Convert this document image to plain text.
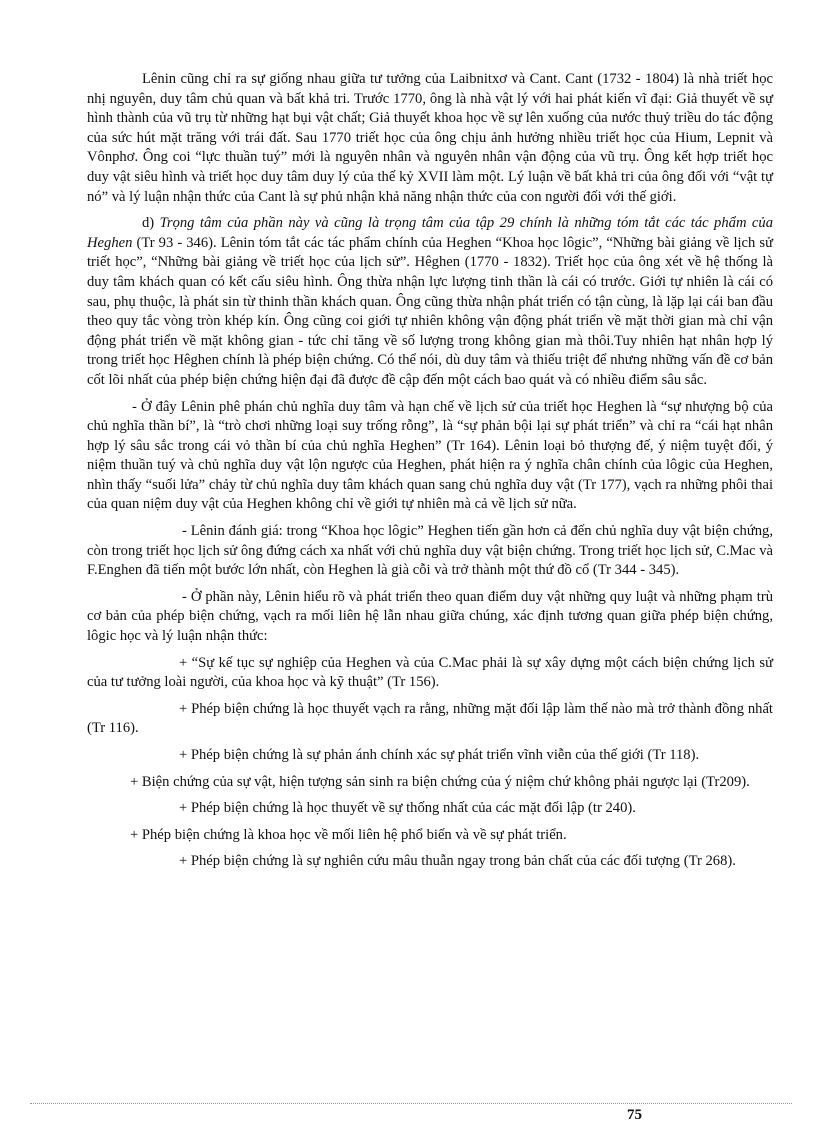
Lênin cũng chỉ ra sự giống nhau giữa tư tưởng của Laibnitxơ và Cant. Cant (1732 - 1804) là nhà triết học nhị nguyên, duy tâm chủ quan và bất khả tri. Trước 1770, ông là nhà vật lý với hai phát kiến vĩ đại: Giả thuyết về sự hình thành của vũ trụ từ những hạt bụi vật chất; Giả thuyết khoa học về sự lên xuống của nước thuỷ triều do tác động của sức hút mặt trăng với trái đất. Sau 1770 triết học của ông chịu ảnh hưởng nhiều triết học của Hium, Lepnit và Vônphơ. Ông coi “lực thuần tuý” mới là nguyên nhân và nguyên nhân vận động của vũ trụ. Ông kết hợp triết học duy vật siêu hình và triết học duy tâm duy lý của thế kỷ XVII làm một. Lý luận về bất khả tri của ông đối với “vật tự nó” và lý luận nhận thức của Cant là sự phủ nhận khả năng nhận thức của con người đối với thế giới.

d) Trọng tâm của phần này và cũng là trọng tâm của tập 29 chính là những tóm tắt các tác phẩm của Heghen (Tr 93 - 346). Lênin tóm tắt các tác phẩm chính của Heghen “Khoa học lôgic”, “Những bài giảng về lịch sử triết học”, “Những bài giảng về triết học của lịch sử”. Hêghen (1770 - 1832). Triết học của ông xét về hệ thống là duy tâm khách quan có kết cấu siêu hình. Ông thừa nhận lực lượng tinh thần là cái có trước. Giới tự nhiên là cái có sau, phụ thuộc, là phát sin từ thinh thần khách quan. Ông cũng thừa nhận phát triển có tận cùng, là lặp lại cái ban đầu theo quy tắc vòng tròn khép kín. Ông cũng coi giới tự nhiên không vận động phát triển về mặt thời gian mà chỉ vận động phát triển về mặt không gian - tức chỉ tăng về số lượng trong không gian mà thôi.Tuy nhiên hạt nhân hợp lý trong triết học Hêghen chính là phép biện chứng. Có thể nói, dù duy tâm và thiếu triệt để nhưng những vấn đề cơ bản cốt lõi nhất của phép biện chứng hiện đại đã được đề cập đến một cách bao quát và có nhiều điểm sâu sắc.

- Ở đây Lênin phê phán chủ nghĩa duy tâm và hạn chế về lịch sử của triết học Heghen là “sự nhượng bộ của chủ nghĩa thần bí”, là “trò chơi những loại suy trống rỗng”, là “sự phản bội lại sự phát triển” và chỉ ra “cái hạt nhân hợp lý sâu sắc trong cái vỏ thần bí của chủ nghĩa Heghen” (Tr 164). Lênin loại bỏ thượng đế, ý niệm tuyệt đối, ý niệm thuần tuý và chủ nghĩa duy vật lộn ngược của Heghen, phát hiện ra ý nghĩa chân chính của lôgic của Heghen, nhìn thấy “suối lửa” chảy từ chủ nghĩa duy tâm khách quan sang chủ nghĩa duy vật (Tr 177), vạch ra những phôi thai của quan niệm duy vật của Heghen không chỉ về giới tự nhiên mà cả về lịch sử nữa.

- Lênin đánh giá: trong “Khoa học lôgic” Heghen tiến gần hơn cả đến chủ nghĩa duy vật biện chứng, còn trong triết học lịch sử ông đứng cách xa nhất với chủ nghĩa duy vật biện chứng. Trong triết học lịch sử, C.Mac và F.Enghen đã tiến một bước lớn nhất, còn Heghen là già cỗi và trở thành một thứ đồ cổ (Tr 344 - 345).

- Ở phần này, Lênin hiểu rõ và phát triển theo quan điểm duy vật những quy luật và những phạm trù cơ bản của phép biện chứng, vạch ra mối liên hệ lẫn nhau giữa chúng, xác định tương quan giữa phép biện chứng, lôgic học và lý luận nhận thức:

+ “Sự kế tục sự nghiệp của Heghen và của C.Mac phải là sự xây dựng một cách biện chứng lịch sử của tư tưởng loài người, của khoa học và kỹ thuật” (Tr 156).

+ Phép biện chứng là học thuyết vạch ra rằng, những mặt đối lập làm thế nào mà trở thành đồng nhất (Tr 116).

+ Phép biện chứng là sự phản ánh chính xác sự phát triển vĩnh viễn của thế giới (Tr 118).

+ Biện chứng của sự vật, hiện tượng sản sinh ra biện chứng của ý niệm chứ không phải ngược lại (Tr209).

+ Phép biện chứng là học thuyết về sự thống nhất của các mặt đối lập (tr 240).

+ Phép biện chứng là khoa học về mối liên hệ phổ biến và về sự phát triển.

+ Phép biện chứng là sự nghiên cứu mâu thuẫn ngay trong bản chất của các đối tượng (Tr 268).

75
